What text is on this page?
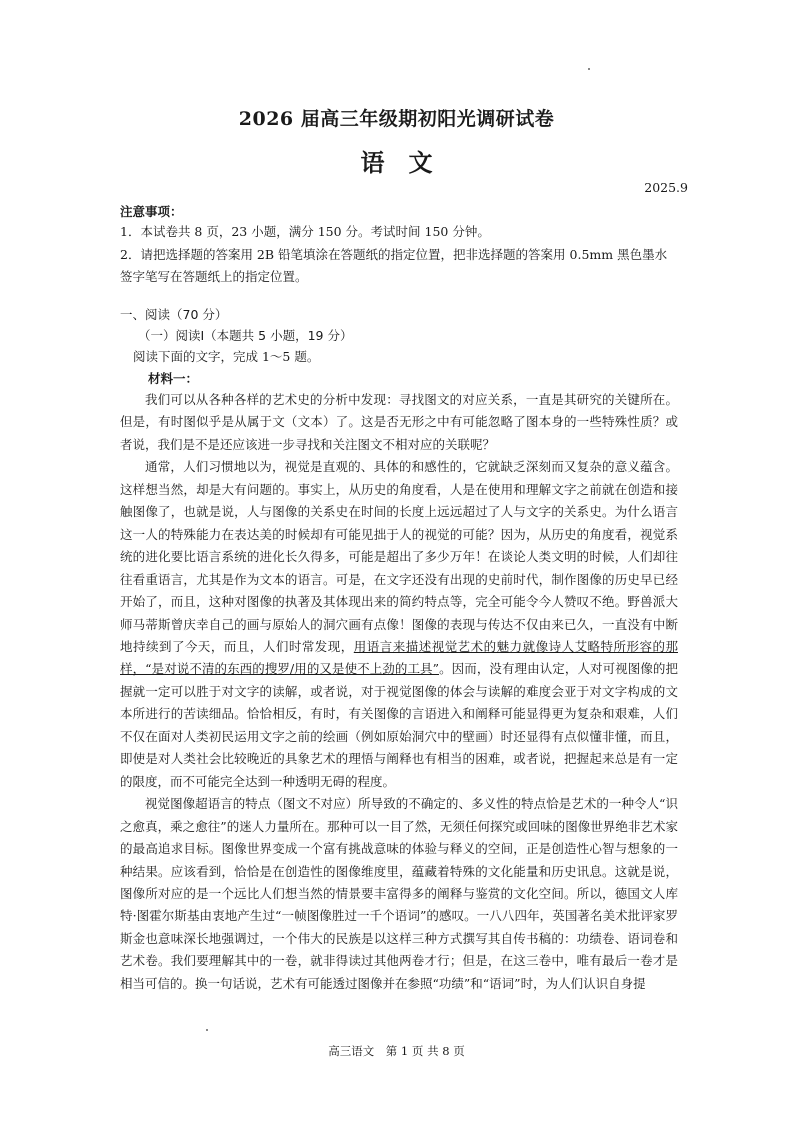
2026 届高三年级期初阳光调研试卷
语文
2025.9
注意事项：

1．本试卷共 8 页，23 小题，满分 150 分。考试时间 150 分钟。

2．请把选择题的答案用 2B 铅笔填涂在答题纸的指定位置，把非选择题的答案用 0.5mm 黑色墨水签字笔写在答题纸上的指定位置。

一、阅读（70 分）
（一）阅读Ⅰ（本题共 5 小题，19 分）
阅读下面的文字，完成 1～5 题。
材料一：

我们可以从各种各样的艺术史的分析中发现：寻找图文的对应关系，一直是其研究的关键所在。但是，有时图似乎是从属于文（文本）了。这是否无形之中有可能忽略了图本身的一些特殊性质？或者说，我们是不是还应该进一步寻找和关注图文不相对应的关联呢？

通常，人们习惯地以为，视觉是直观的、具体的和感性的，它就缺乏深刻而又复杂的意义蕴含。这样想当然，却是大有问题的。事实上，从历史的角度看，人是在使用和理解文字之前就在创造和接触图像了，也就是说，人与图像的关系史在时间的长度上远远超过了人与文字的关系史。为什么语言这一人的特殊能力在表达美的时候却有可能见拙于人的视觉的可能？因为，从历史的角度看，视觉系统的进化要比语言系统的进化长久得多，可能是超出了多少万年！在谈论人类文明的时候，人们却往往看重语言，尤其是作为文本的语言。可是，在文字还没有出现的史前时代，制作图像的历史早已经开始了，而且，这种对图像的执著及其体现出来的简约特点等，完全可能令今人赞叹不绝。野兽派大师马蒂斯曾庆幸自己的画与原始人的洞穴画有点像！图像的表现与传达不仅由来已久，一直没有中断地持续到了今天，而且，人们时常发现，用语言来描述视觉艺术的魅力就像诗人艾略特所形容的那样，“是对说不清的东西的搜罗/用的又是使不上劲的工具”。因而，没有理由认定，人对可视图像的把握就一定可以胜于对文字的读解，或者说，对于视觉图像的体会与读解的难度会亚于对文字构成的文本所进行的苦读细品。恰恰相反，有时，有关图像的言语进入和阐释可能显得更为复杂和艰难，人们不仅在面对人类初民运用文字之前的绘画（例如原始洞穴中的壁画）时还显得有点似懂非懂，而且，即使是对人类社会比较晚近的具象艺术的理悟与阐释也有相当的困难，或者说，把握起来总是有一定的限度，而不可能完全达到一种透明无碍的程度。

视觉图像超语言的特点（图文不对应）所导致的不确定的、多义性的特点恰是艺术的一种令人“识之愈真，乘之愈往”的迷人力量所在。那种可以一目了然，无须任何探究或回味的图像世界绝非艺术家的最高追求目标。图像世界变成一个富有挑战意味的体验与释义的空间，正是创造性心智与想象的一种结果。应该看到，恰恰是在创造性的图像维度里，蕴藏着特殊的文化能量和历史讯息。这就是说，图像所对应的是一个远比人们想当然的情景要丰富得多的阐释与鉴赏的文化空间。所以，德国文人库特·图霍尔斯基由衷地产生过“一帧图像胜过一千个语词”的感叹。一八八四年，英国著名美术批评家罗斯金也意味深长地强调过，一个伟大的民族是以这样三种方式撰写其自传书稿的：功绩卷、语词卷和艺术卷。我们要理解其中的一卷，就非得读过其他两卷才行；但是，在这三卷中，唯有最后一卷才是相当可信的。换一句话说，艺术有可能透过图像并在参照“功绩”和“语词”时，为人们认识自身提

高三语文　第 1 页 共 8 页
